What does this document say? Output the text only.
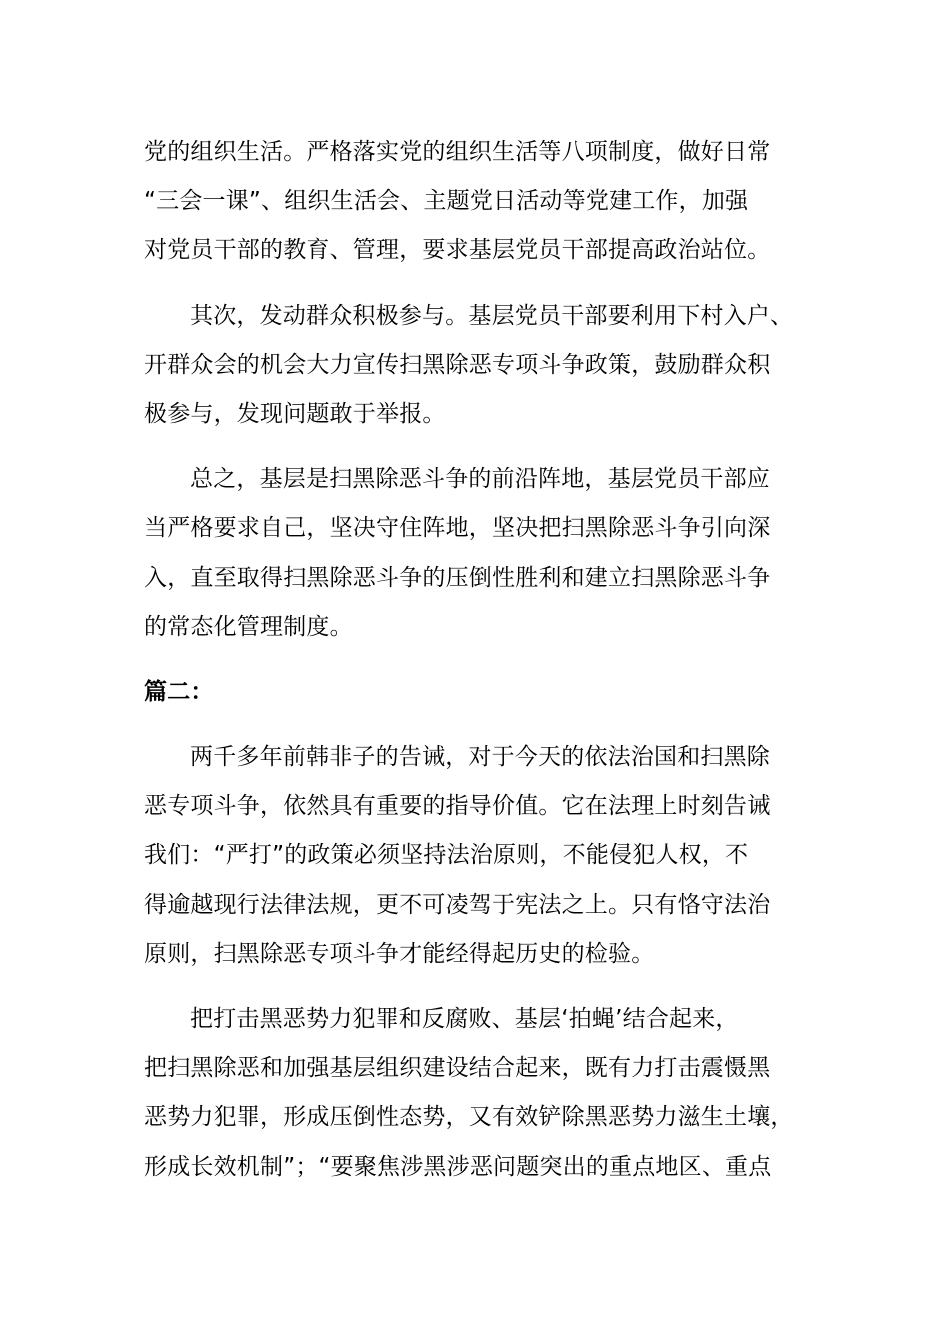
党的组织生活。严格落实党的组织生活等八项制度，做好日常
“三会一课”、组织生活会、主题党日活动等党建工作，加强
对党员干部的教育、管理，要求基层党员干部提高政治站位。
其次，发动群众积极参与。基层党员干部要利用下村入户、
开群众会的机会大力宣传扫黑除恶专项斗争政策，鼓励群众积
极参与，发现问题敢于举报。
总之，基层是扫黑除恶斗争的前沿阵地，基层党员干部应
当严格要求自己，坚决守住阵地，坚决把扫黑除恶斗争引向深
入，直至取得扫黑除恶斗争的压倒性胜利和建立扫黑除恶斗争
的常态化管理制度。
篇二：
两千多年前韩非子的告诫，对于今天的依法治国和扫黑除
恶专项斗争，依然具有重要的指导价值。它在法理上时刻告诫
我们：“严打”的政策必须坚持法治原则，不能侵犯人权，不
得逾越现行法律法规，更不可凌驾于宪法之上。只有恪守法治
原则，扫黑除恶专项斗争才能经得起历史的检验。
把打击黑恶势力犯罪和反腐败、基层‘拍蝇’结合起来，
把扫黑除恶和加强基层组织建设结合起来，既有力打击震慑黑
恶势力犯罪，形成压倒性态势，又有效铲除黑恶势力滋生土壤，
形成长效机制”；“要聚焦涉黑涉恶问题突出的重点地区、重点
